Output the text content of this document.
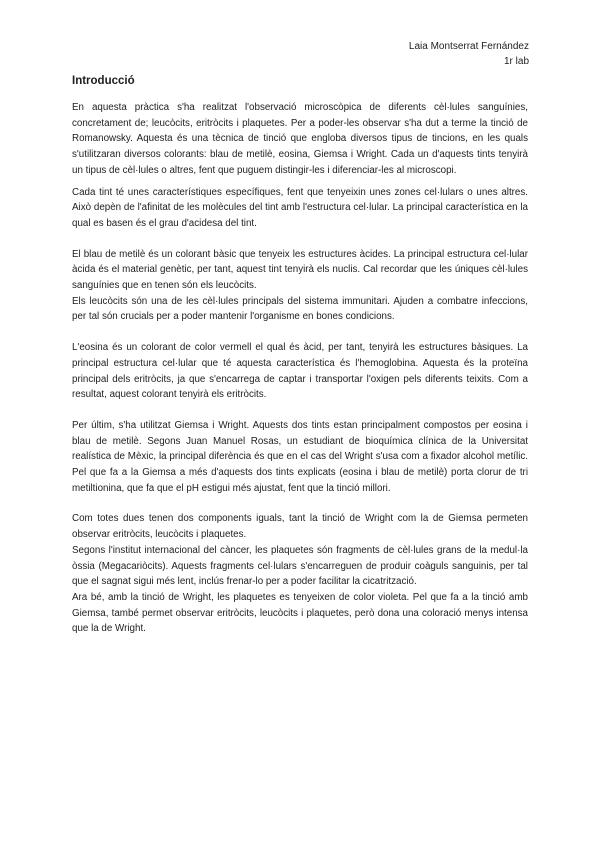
Laia Montserrat Fernández
1r lab
Introducció

En aquesta pràctica s'ha realitzat l'observació microscòpica de diferents cèl·lules sanguínies, concretament de; leucòcits, eritròcits i plaquetes. Per a poder-les observar s'ha dut a terme la tinció de Romanowsky. Aquesta és una tècnica de tinció que engloba diversos tipus de tincions, en les quals s'utilitzaran diversos colorants: blau de metilè, eosina, Giemsa i Wright. Cada un d'aquests tints tenyirà un tipus de cèl·lules o altres, fent que puguem distingir-les i diferenciar-les al microscopi.

Cada tint té unes característiques específiques, fent que tenyeixin unes zones cel·lulars o unes altres. Això depèn de l'afinitat de les molècules del tint amb l'estructura cel·lular. La principal característica en la qual es basen és el grau d'acidesa del tint.

El blau de metilè és un colorant bàsic que tenyeix les estructures àcides. La principal estructura cel·lular àcida és el material genètic, per tant, aquest tint tenyirà els nuclis. Cal recordar que les úniques cèl·lules sanguínies que en tenen són els leucòcits.

Els leucòcits són una de les cèl·lules principals del sistema immunitari. Ajuden a combatre infeccions, per tal són crucials per a poder mantenir l'organisme en bones condicions.

L'eosina és un colorant de color vermell el qual és àcid, per tant, tenyirà les estructures bàsiques. La principal estructura cel·lular que té aquesta característica és l'hemoglobina. Aquesta és la proteïna principal dels eritròcits, ja que s'encarrega de captar i transportar l'oxigen pels diferents teixits. Com a resultat, aquest colorant tenyirà els eritròcits.

Per últim, s'ha utilitzat Giemsa i Wright. Aquests dos tints estan principalment compostos per eosina i blau de metilè. Segons Juan Manuel Rosas, un estudiant de bioquímica clínica de la Universitat realística de Mèxic, la principal diferència és que en el cas del Wright s'usa com a fixador alcohol metílic. Pel que fa a la Giemsa a més d'aquests dos tints explicats (eosina i blau de metilè) porta clorur de tri metiltionina, que fa que el pH estigui més ajustat, fent que la tinció millori.

Com totes dues tenen dos components iguals, tant la tinció de Wright com la de Giemsa permeten observar eritròcits, leucòcits i plaquetes.

Segons l'institut internacional del càncer, les plaquetes són fragments de cèl·lules grans de la medul·la òssia (Megacariòcits). Aquests fragments cel·lulars s'encarreguen de produir coàguls sanguinis, per tal que el sagnat sigui més lent, inclús frenar-lo per a poder facilitar la cicatrització.

Ara bé, amb la tinció de Wright, les plaquetes es tenyeixen de color violeta. Pel que fa a la tinció amb Giemsa, també permet observar eritròcits, leucòcits i plaquetes, però dona una coloració menys intensa que la de Wright.
